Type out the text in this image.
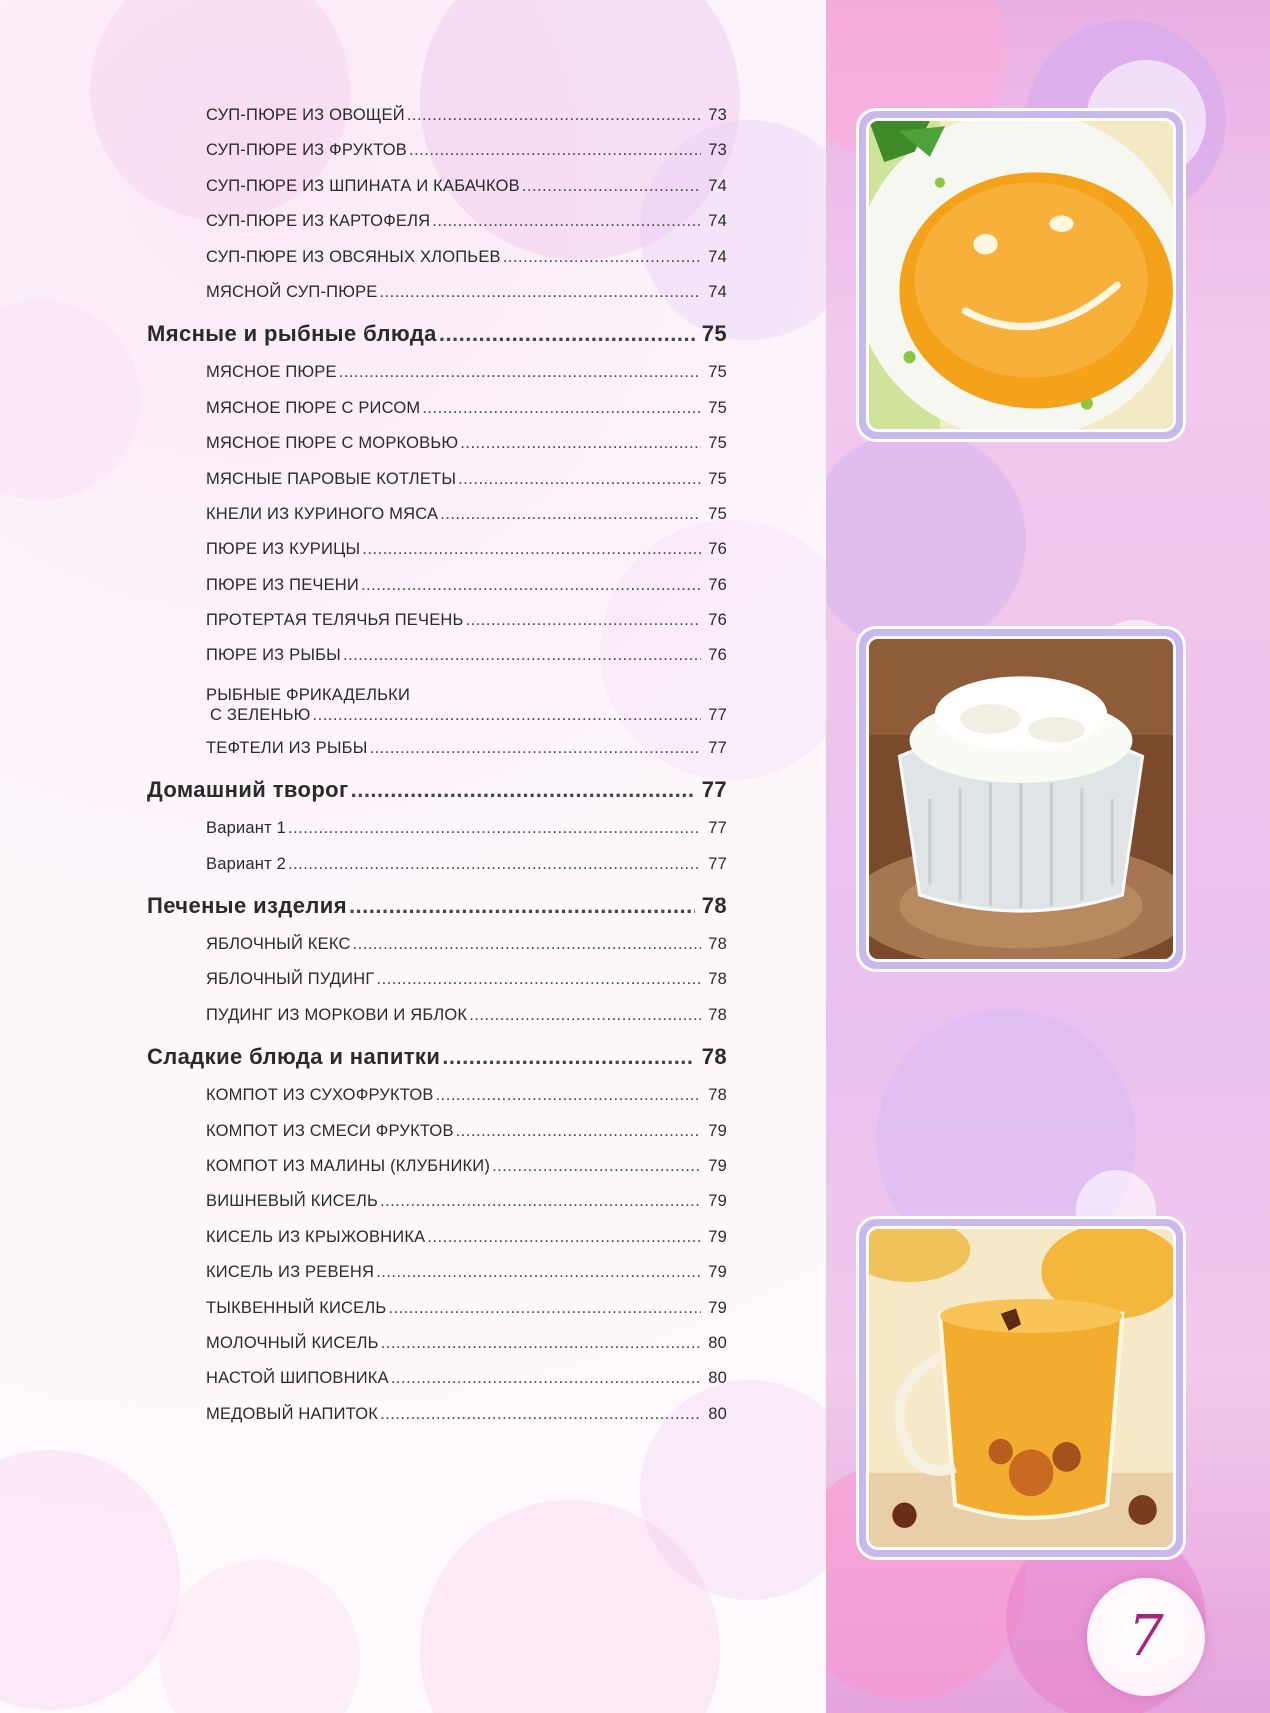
СУП-ПЮРЕ ИЗ ОВОЩЕЙ .....	73
СУП-ПЮРЕ ИЗ ФРУКТОВ .....	73
СУП-ПЮРЕ ИЗ ШПИНАТА И КАБАЧКОВ .....	74
СУП-ПЮРЕ ИЗ КАРТОФЕЛЯ .....	74
СУП-ПЮРЕ ИЗ ОВСЯНЫХ ХЛОПЬЕВ .....	74
МЯСНОЙ СУП-ПЮРЕ .....	74
Мясные и рыбные блюда .....	75
МЯСНОЕ ПЮРЕ .....	75
МЯСНОЕ ПЮРЕ С РИСОМ .....	75
МЯСНОЕ ПЮРЕ С МОРКОВЬЮ .....	75
МЯСНЫЕ ПАРОВЫЕ КОТЛЕТЫ .....	75
КНЕЛИ ИЗ КУРИНОГО МЯСА .....	75
ПЮРЕ ИЗ КУРИЦЫ .....	76
ПЮРЕ ИЗ ПЕЧЕНИ .....	76
ПРОТЕРТАЯ ТЕЛЯЧЬЯ ПЕЧЕНЬ .....	76
ПЮРЕ ИЗ РЫБЫ .....	76
РЫБНЫЕ ФРИКАДЕЛЬКИ
С ЗЕЛЕНЬЮ .....	77
ТЕФТЕЛИ ИЗ РЫБЫ .....	77
Домашний творог .....	77
Вариант 1 .....	77
Вариант 2 .....	77
Печеные изделия .....	78
ЯБЛОЧНЫЙ КЕКС .....	78
ЯБЛОЧНЫЙ ПУДИНГ .....	78
ПУДИНГ ИЗ МОРКОВИ И ЯБЛОК .....	78
Сладкие блюда и напитки .....	78
КОМПОТ ИЗ СУХОФРУКТОВ .....	78
КОМПОТ ИЗ СМЕСИ ФРУКТОВ .....	79
КОМПОТ ИЗ МАЛИНЫ (КЛУБНИКИ) .....	79
ВИШНЕВЫЙ КИСЕЛЬ .....	79
КИСЕЛЬ ИЗ КРЫЖОВНИКА .....	79
КИСЕЛЬ ИЗ РЕВЕНЯ .....	79
ТЫКВЕННЫЙ КИСЕЛЬ .....	79
МОЛОЧНЫЙ КИСЕЛЬ .....	80
НАСТОЙ ШИПОВНИКА .....	80
МЕДОВЫЙ НАПИТОК .....	80
7
